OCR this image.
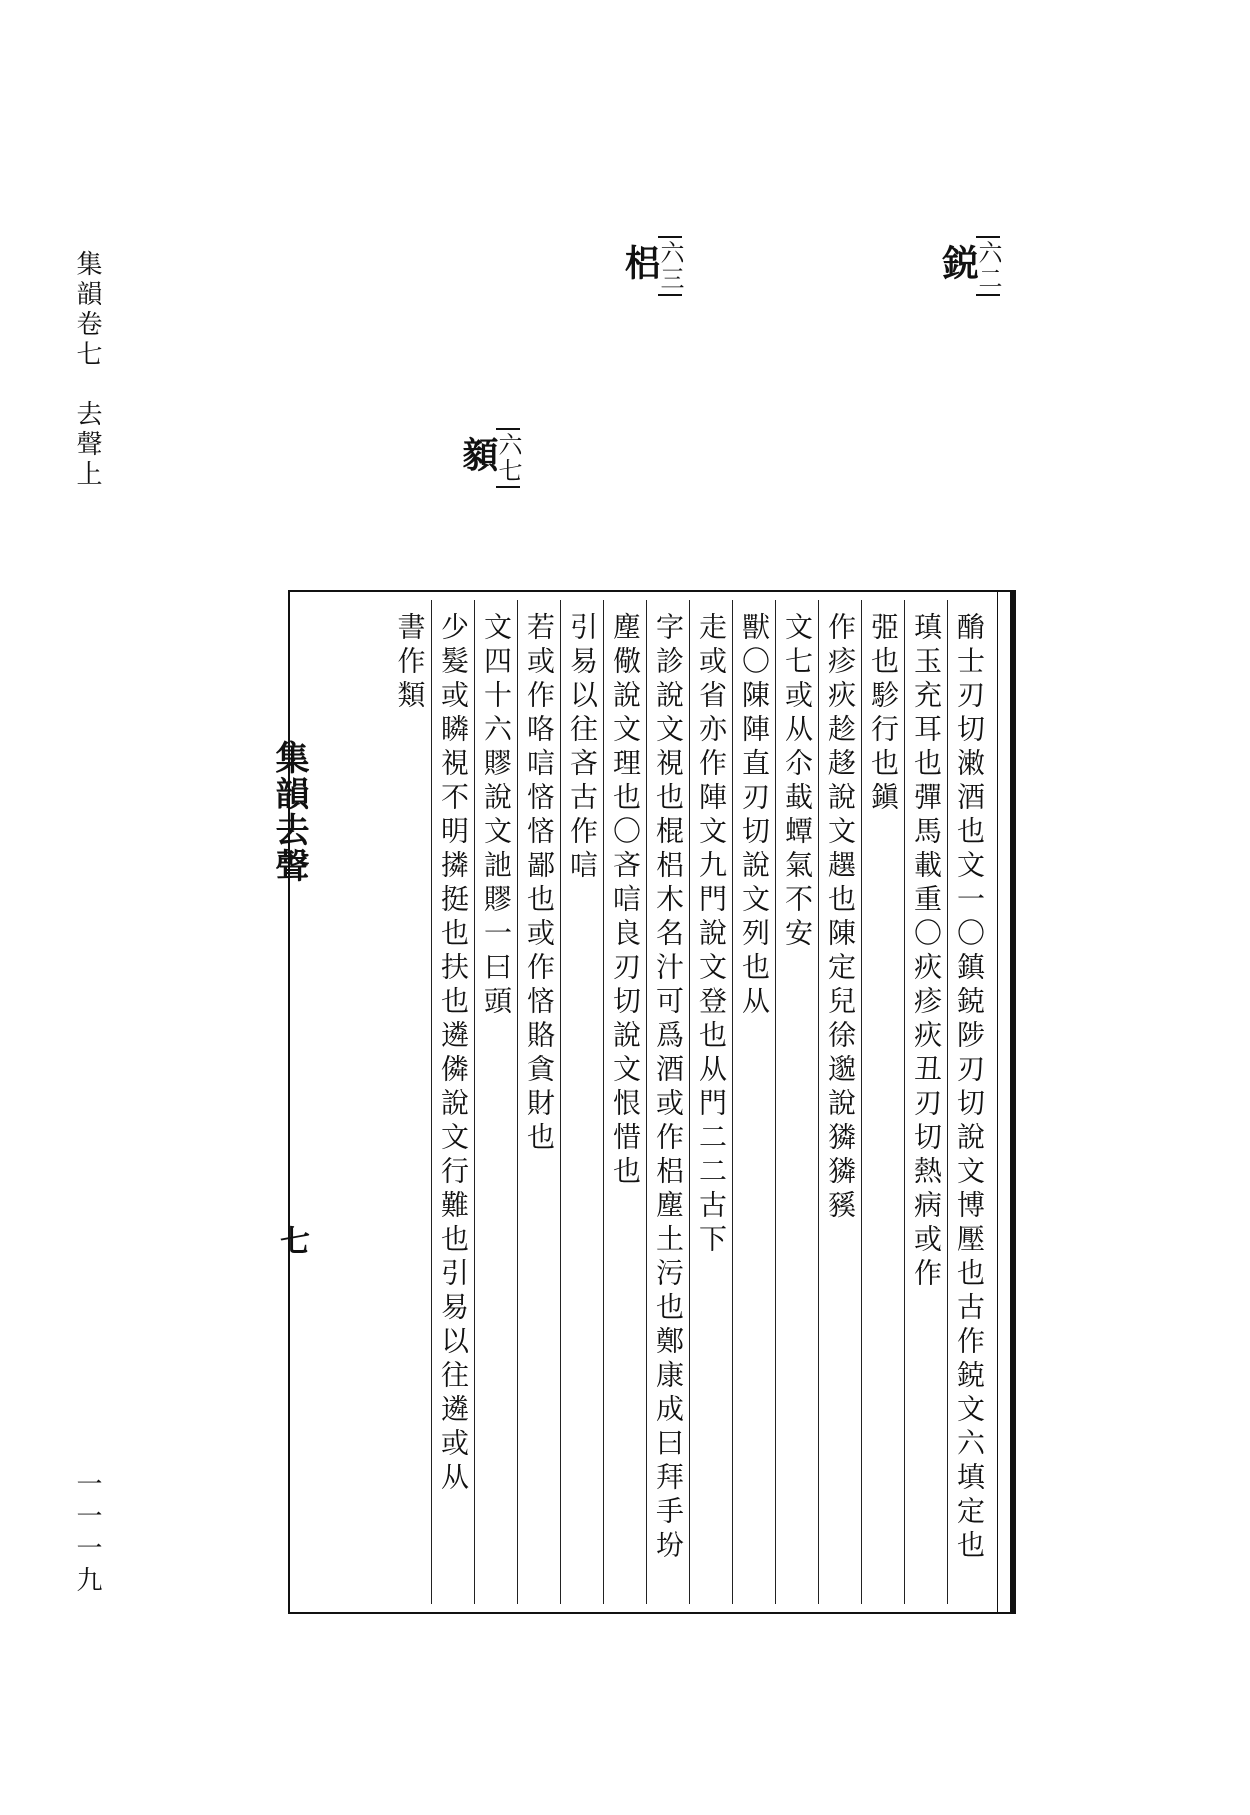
集韻卷七去聲上
一一一九
六二
鋭
六三
梠
六七
顡
集韻去聲
七	酳士刃切潄酒也文一〇鎮鋴陟刃切說文博壓也古作鋴文六填定也
瑱玉充耳也彈馬載重〇疢疹疢丑刃切熱病或作
弫也駗行也鎭
作疹疢趁趍說文趩也陳定兒徐邈說獜獜豯
文七或从尒蛓蟫氣不安
獸〇陳陣直刃切說文列也从
走或省亦作陣文九門說文登也从門二二古下
字診說文視也棍梠木名汁可爲酒或作梠塵土污也鄭康成曰拜手坋
塵儆說文理也〇吝唁良刃切說文恨惜也
引易以往吝古作唁
若或作咯唁悋悋鄙也或作悋賂貪財也
文四十六賿說文訑賿一曰頭
少髮或瞵視不明撛挺也扶也遴僯說文行難也引易以往遴或从
書作類
